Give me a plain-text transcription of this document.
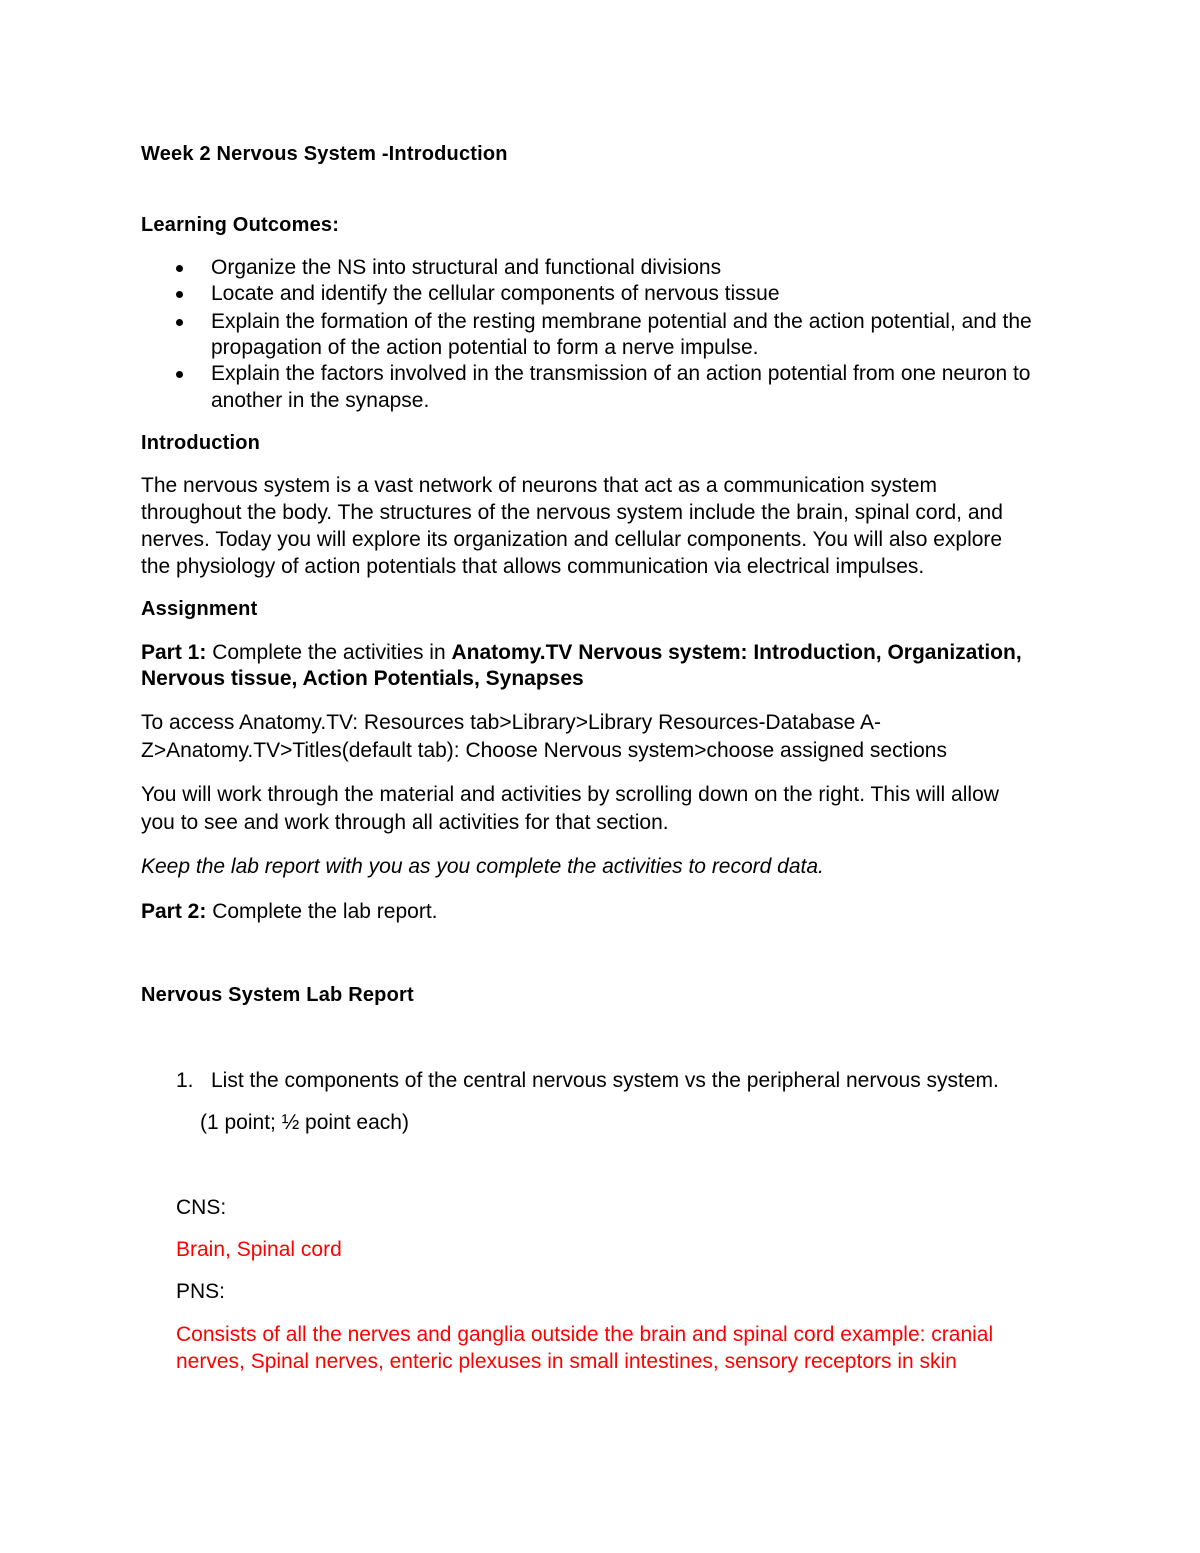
Week 2 Nervous System -Introduction
Learning Outcomes:
Organize the NS into structural and functional divisions
Locate and identify the cellular components of nervous tissue
Explain the formation of the resting membrane potential and the action potential, and the
propagation of the action potential to form a nerve impulse.
Explain the factors involved in the transmission of an action potential from one neuron to
another in the synapse.
Introduction
The nervous system is a vast network of neurons that act as a communication system
throughout the body. The structures of the nervous system include the brain, spinal cord, and
nerves. Today you will explore its organization and cellular components. You will also explore
the physiology of action potentials that allows communication via electrical impulses.
Assignment
Part 1: Complete the activities in Anatomy.TV Nervous system: Introduction, Organization,
Nervous tissue, Action Potentials, Synapses
To access Anatomy.TV: Resources tab>Library>Library Resources-Database A-
Z>Anatomy.TV>Titles(default tab): Choose Nervous system>choose assigned sections
You will work through the material and activities by scrolling down on the right. This will allow
you to see and work through all activities for that section.
Keep the lab report with you as you complete the activities to record data.
Part 2: Complete the lab report.
Nervous System Lab Report
1. List the components of the central nervous system vs the peripheral nervous system.
(1 point; ½ point each)
CNS:
Brain, Spinal cord
PNS:
Consists of all the nerves and ganglia outside the brain and spinal cord example: cranial
nerves, Spinal nerves, enteric plexuses in small intestines, sensory receptors in skin
